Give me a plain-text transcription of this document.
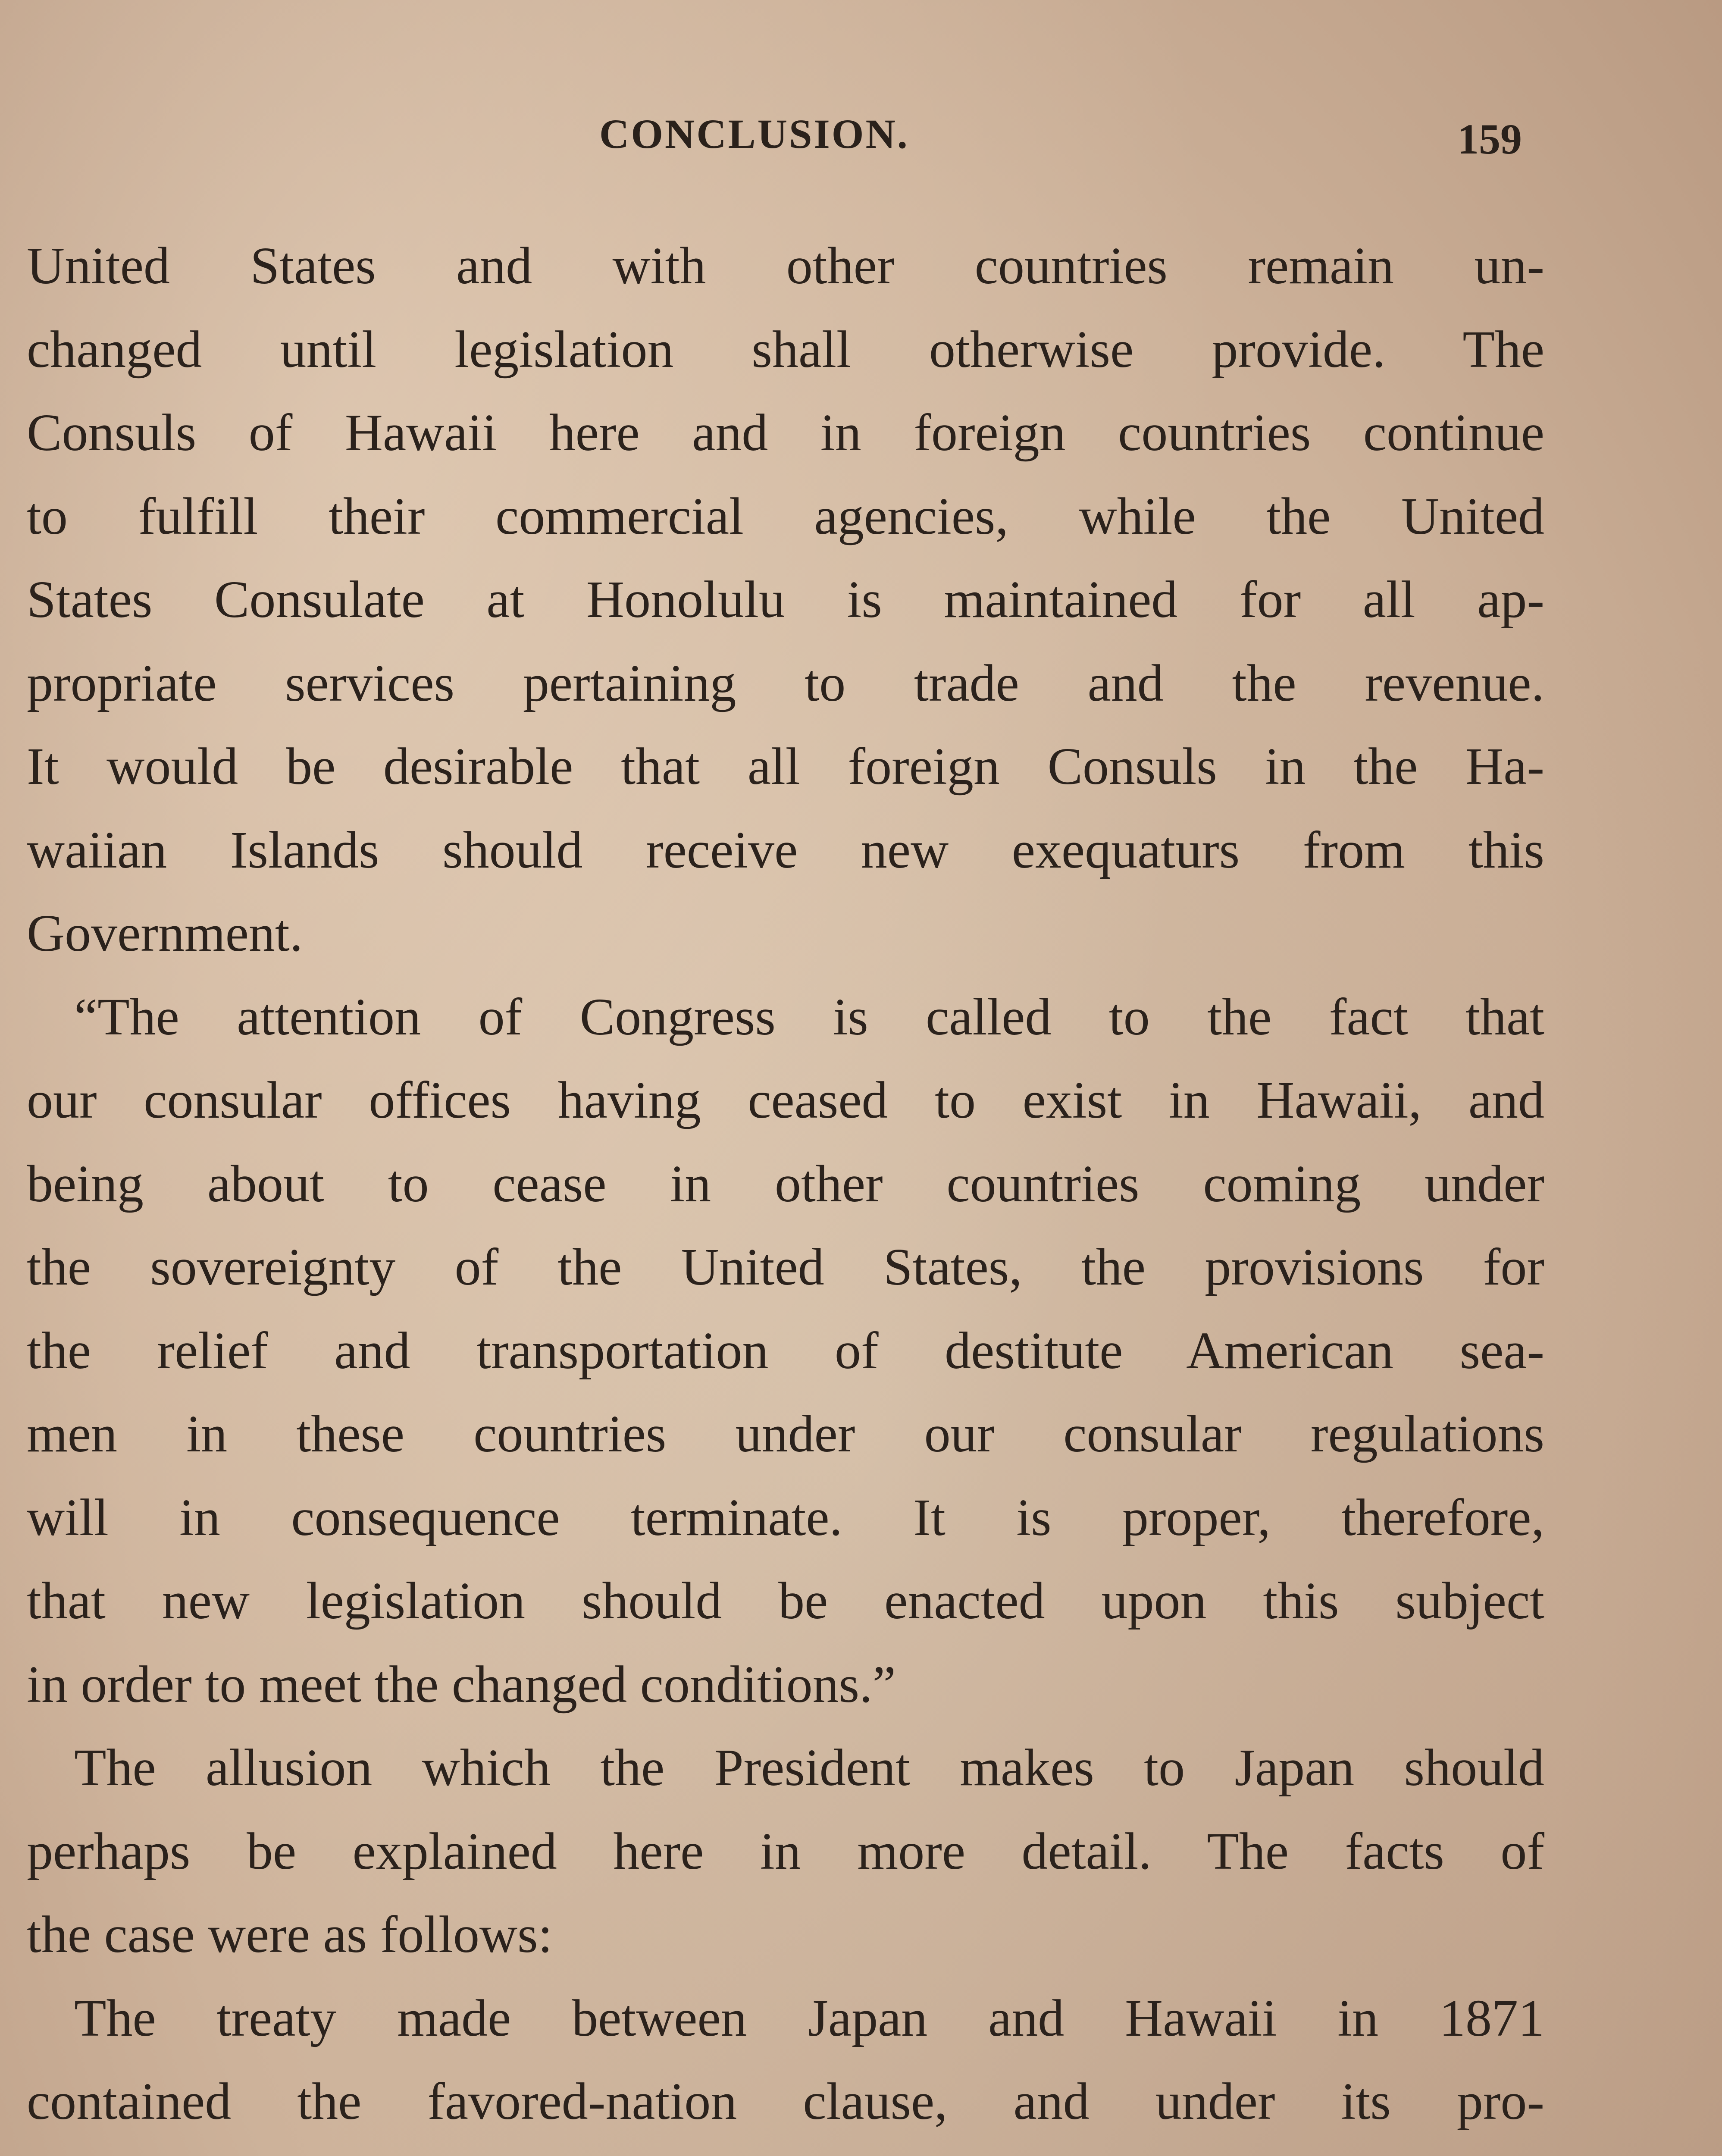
CONCLUSION.	159
United States and with other countries remain un-
changed until legislation shall otherwise provide. The
Consuls of Hawaii here and in foreign countries continue
to fulfill their commercial agencies, while the United
States Consulate at Honolulu is maintained for all ap-
propriate services pertaining to trade and the revenue.
It would be desirable that all foreign Consuls in the Ha-
waiian Islands should receive new exequaturs from this
Government.
“The attention of Congress is called to the fact that
our consular offices having ceased to exist in Hawaii, and
being about to cease in other countries coming under
the sovereignty of the United States, the provisions for
the relief and transportation of destitute American sea-
men in these countries under our consular regulations
will in consequence terminate. It is proper, therefore,
that new legislation should be enacted upon this subject
in order to meet the changed conditions.”
The allusion which the President makes to Japan should
perhaps be explained here in more detail. The facts of
the case were as follows:
The treaty made between Japan and Hawaii in 1871
contained the favored-nation clause, and under its pro-
